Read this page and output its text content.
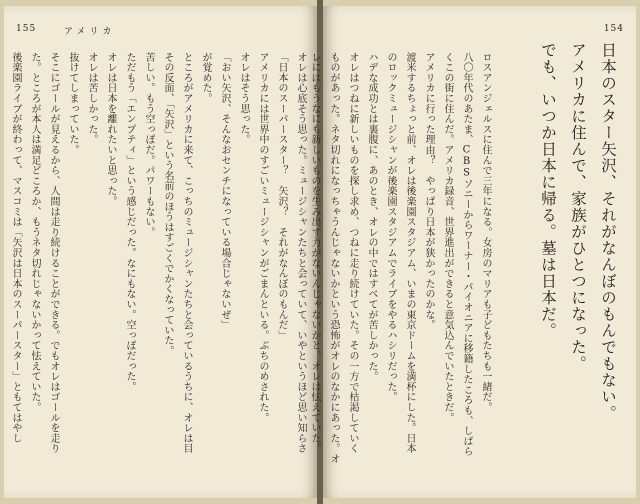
155	アメリカ
オレは心底そう思った。ミュージシャンたちと会っていて、いやというほど思い知らさ
「日本のスーパースター？　矢沢？　それがなんぼのもんだ」
アメリカには世界中のすごいミュージシャンがごまんといる。ぶちのめされた。
オレはそう思った。
「おい矢沢、そんなおセンチになっている場合じゃないぜ」
が覚めた。
ところがアメリカに来て、こっちのミュージシャンたちと会っているうちに、オレは目
その反面、「矢沢」という名前のほうはすごくでかくなっていた。
苦しい。もう空っぽだ。パワーもない。
ただもう「エンプティ」という感じだった。なにもない。空っぽだった。
オレは日本を離れたいと思った。
オレは苦しかった。
抜けてしまっていた。
そこにゴールが見えるから、人間は走り続けることができる。でもオレはゴールを走り
た。ところが本人は満足どころか、もうネタ切れじゃないかって怯えていた。
後楽園ライブが終わって、マスコミは「矢沢は日本のスーパースター」ともてはやし
154
ロスアンジェルスに住んで三年になる。女房のマリアも子どもたちも一緒だ。
八〇年代のあたま、CBSソニーからワーナー・パイオニアに移籍したころも、しばら
くこの街に住んだ。アメリカ録音、世界進出ができると意気込んでいたときだ。
アメリカに行った理由？　やっぱり日本が狭かったのかな。
渡米するちょっと前、オレは後楽園スタジアム、いまの東京ドームを満杯にした。日本
のロックミュージシャンが後楽園スタジアムでライブをやるハシリだった。
ハデな成功とは裏腹に、あのとき、オレの中ではすべてが苦しかった。
オレはつねに新しいものを探し求め、つねに走り続けていた。その一方で枯渇していく
ものがあった。ネタ切れになっちゃうんじゃないかという恐怖がオレのなかにあった。オ
レにはもうなにも新しいものを生み出す力がないんじゃないかと、オレは怯えていた。	日本のスター矢沢、それがなんぼのもんでもない。
アメリカに住んで、家族がひとつになった。
でも、いつか日本に帰る。墓は日本だ。
